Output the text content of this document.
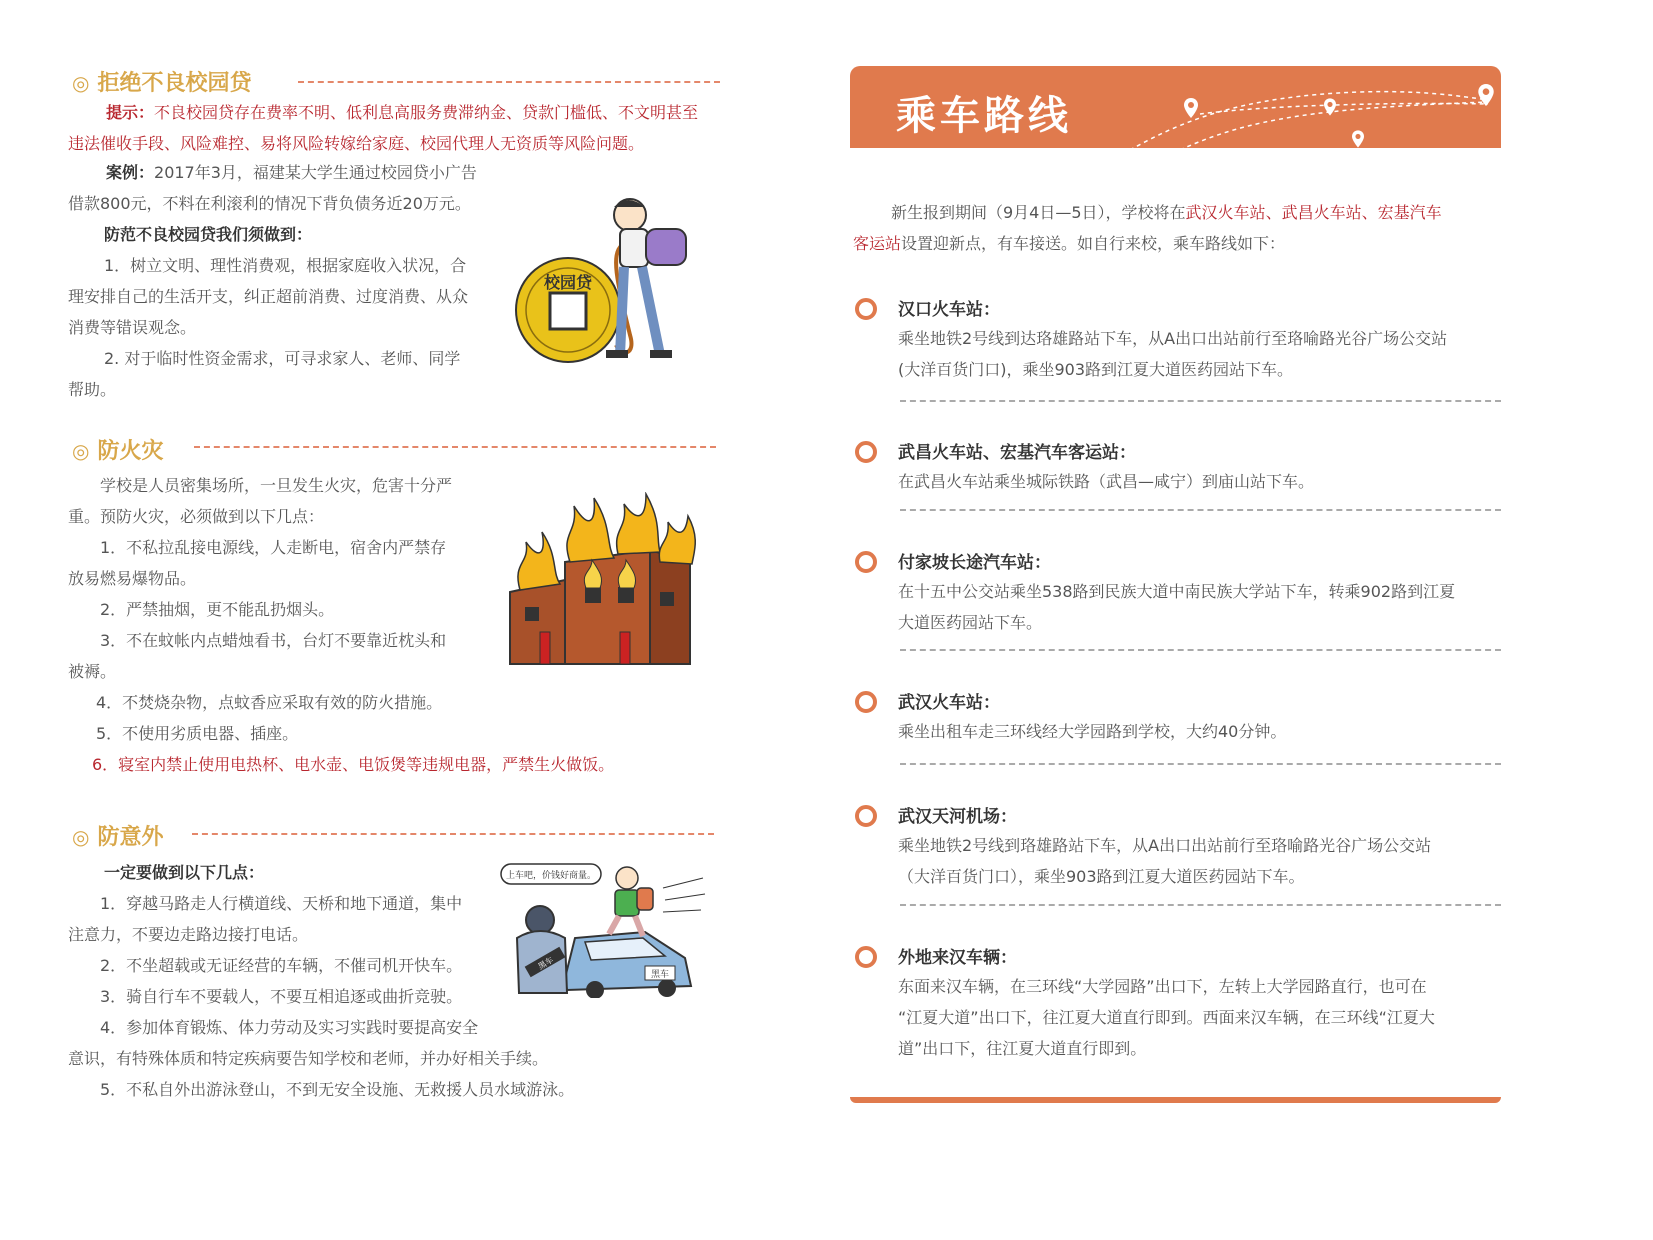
◎ 拒绝不良校园贷
提示：不良校园贷存在费率不明、低利息高服务费滞纳金、贷款门槛低、不文明甚至
违法催收手段、风险难控、易将风险转嫁给家庭、校园代理人无资质等风险问题。
案例：2017年3月，福建某大学生通过校园贷小广告
借款800元，不料在利滚利的情况下背负债务近20万元。
防范不良校园贷我们须做到：
1．树立文明、理性消费观，根据家庭收入状况，合
理安排自己的生活开支，纠正超前消费、过度消费、从众
消费等错误观念。
2. 对于临时性资金需求，可寻求家人、老师、同学
帮助。
校园贷
◎ 防火灾
学校是人员密集场所，一旦发生火灾，危害十分严
重。预防火灾，必须做到以下几点：
1．不私拉乱接电源线，人走断电，宿舍内严禁存
放易燃易爆物品。
2．严禁抽烟，更不能乱扔烟头。
3．不在蚊帐内点蜡烛看书，台灯不要靠近枕头和
被褥。
4．不焚烧杂物，点蚊香应采取有效的防火措施。
5．不使用劣质电器、插座。
6．寝室内禁止使用电热杯、电水壶、电饭煲等违规电器，严禁生火做饭。
◎ 防意外
一定要做到以下几点：
1．穿越马路走人行横道线、天桥和地下通道，集中
注意力，不要边走路边接打电话。
2．不坐超载或无证经营的车辆，不催司机开快车。
3．骑自行车不要载人，不要互相追逐或曲折竞驶。
4．参加体育锻炼、体力劳动及实习实践时要提高安全
意识，有特殊体质和特定疾病要告知学校和老师，并办好相关手续。
5．不私自外出游泳登山，不到无安全设施、无救援人员水域游泳。
上车吧，价钱好商量。
黑车
黑车
乘车路线
新生报到期间（9月4日—5日），学校将在武汉火车站、武昌火车站、宏基汽车
客运站设置迎新点，有车接送。如自行来校，乘车路线如下：
汉口火车站：
乘坐地铁2号线到达珞雄路站下车，从A出口出站前行至珞喻路光谷广场公交站
(大洋百货门口)，乘坐903路到江夏大道医药园站下车。
武昌火车站、宏基汽车客运站：
在武昌火车站乘坐城际铁路（武昌—咸宁）到庙山站下车。
付家坡长途汽车站：
在十五中公交站乘坐538路到民族大道中南民族大学站下车，转乘902路到江夏
大道医药园站下车。
武汉火车站：
乘坐出租车走三环线经大学园路到学校，大约40分钟。
武汉天河机场：
乘坐地铁2号线到珞雄路站下车，从A出口出站前行至珞喻路光谷广场公交站
（大洋百货门口），乘坐903路到江夏大道医药园站下车。
外地来汉车辆：
东面来汉车辆，在三环线“大学园路”出口下，左转上大学园路直行，也可在
“江夏大道”出口下，往江夏大道直行即到。西面来汉车辆，在三环线“江夏大
道”出口下，往江夏大道直行即到。
